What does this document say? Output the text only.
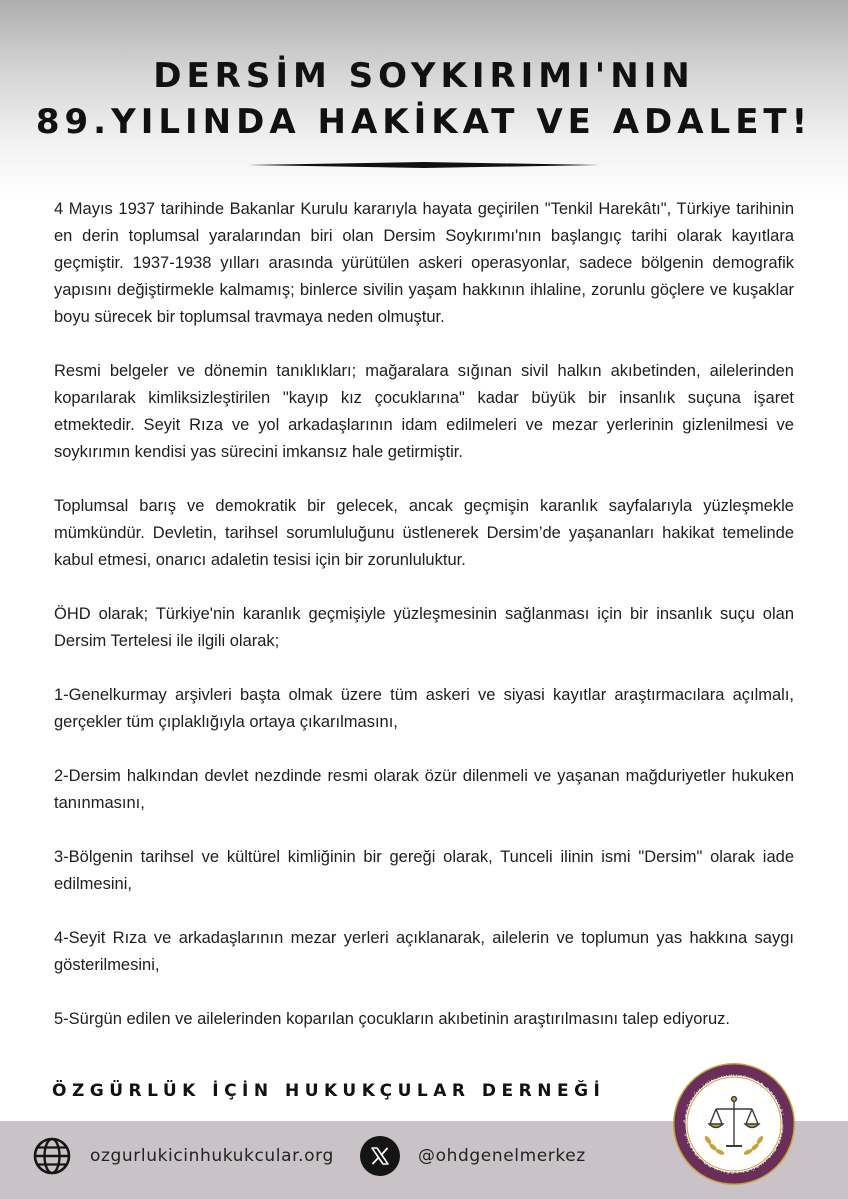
DERSİM SOYKIRIMI'NIN
89.YILINDA HAKİKAT VE ADALET!

4 Mayıs 1937 tarihinde Bakanlar Kurulu kararıyla hayata geçirilen "Tenkil Harekâtı", Türkiye tarihinin en derin toplumsal yaralarından biri olan Dersim Soykırımı'nın başlangıç tarihi olarak kayıtlara geçmiştir. 1937-1938 yılları arasında yürütülen askeri operasyonlar, sadece bölgenin demografik yapısını değiştirmekle kalmamış; binlerce sivilin yaşam hakkının ihlaline, zorunlu göçlere ve kuşaklar boyu sürecek bir toplumsal travmaya neden olmuştur.

Resmi belgeler ve dönemin tanıklıkları; mağaralara sığınan sivil halkın akıbetinden, ailelerinden koparılarak kimliksizleştirilen "kayıp kız çocuklarına" kadar büyük bir insanlık suçuna işaret etmektedir. Seyit Rıza ve yol arkadaşlarının idam edilmeleri ve mezar yerlerinin gizlenilmesi ve soykırımın kendisi yas sürecini imkansız hale getirmiştir.

Toplumsal barış ve demokratik bir gelecek, ancak geçmişin karanlık sayfalarıyla yüzleşmekle mümkündür. Devletin, tarihsel sorumluluğunu üstlenerek Dersim’de yaşananları hakikat temelinde kabul etmesi, onarıcı adaletin tesisi için bir zorunluluktur.

ÖHD olarak; Türkiye'nin karanlık geçmişiyle yüzleşmesinin sağlanması için bir insanlık suçu olan Dersim Tertelesi ile ilgili olarak;

1-Genelkurmay arşivleri başta olmak üzere tüm askeri ve siyasi kayıtlar araştırmacılara açılmalı, gerçekler tüm çıplaklığıyla ortaya çıkarılmasını,

2-Dersim halkından devlet nezdinde resmi olarak özür dilenmeli ve yaşanan mağduriyetler hukuken tanınmasını,

3-Bölgenin tarihsel ve kültürel kimliğinin bir gereği olarak, Tunceli ilinin ismi "Dersim" olarak iade edilmesini,

4-Seyit Rıza ve arkadaşlarının mezar yerleri açıklanarak, ailelerin ve toplumun yas hakkına saygı gösterilmesini,

5-Sürgün edilen ve ailelerinden koparılan çocukların akıbetinin araştırılmasını talep ediyoruz.

ÖZGÜRLÜK İÇİN HUKUKÇULAR DERNEĞİ
ozgurlukicinhukukcular.org	@ohdgenelmerkez
ÖZGÜRLÜK İÇİN HUKUKÇULAR DERNEĞİ • KOMELEYA HIQÛQNASÊN JI BO AZADÎYÊ •
